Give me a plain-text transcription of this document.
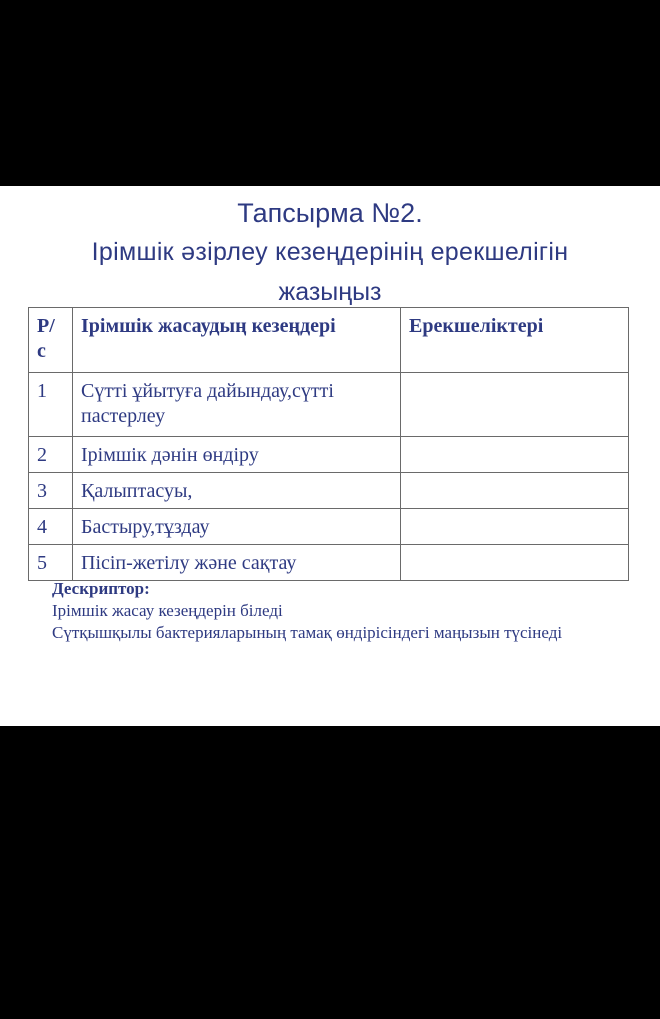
Тапсырма №2.
Ірімшік әзірлеу кезеңдерінің ерекшелігін
жазыңыз
Р/ с	Ірімшік жасаудың кезеңдері	Ерекшеліктері
1	Сүтті ұйытуға дайындау,сүтті пастерлеу	
2	Ірімшік дәнін өндіру	
3	Қалыптасуы,	
4	Бастыру,тұздау	
5	Пісіп-жетілу және сақтау	
Дескриптор:
Ірімшік жасау кезеңдерін біледі
Сүтқышқылы бактерияларының тамақ өндірісіндегі маңызын түсінеді
